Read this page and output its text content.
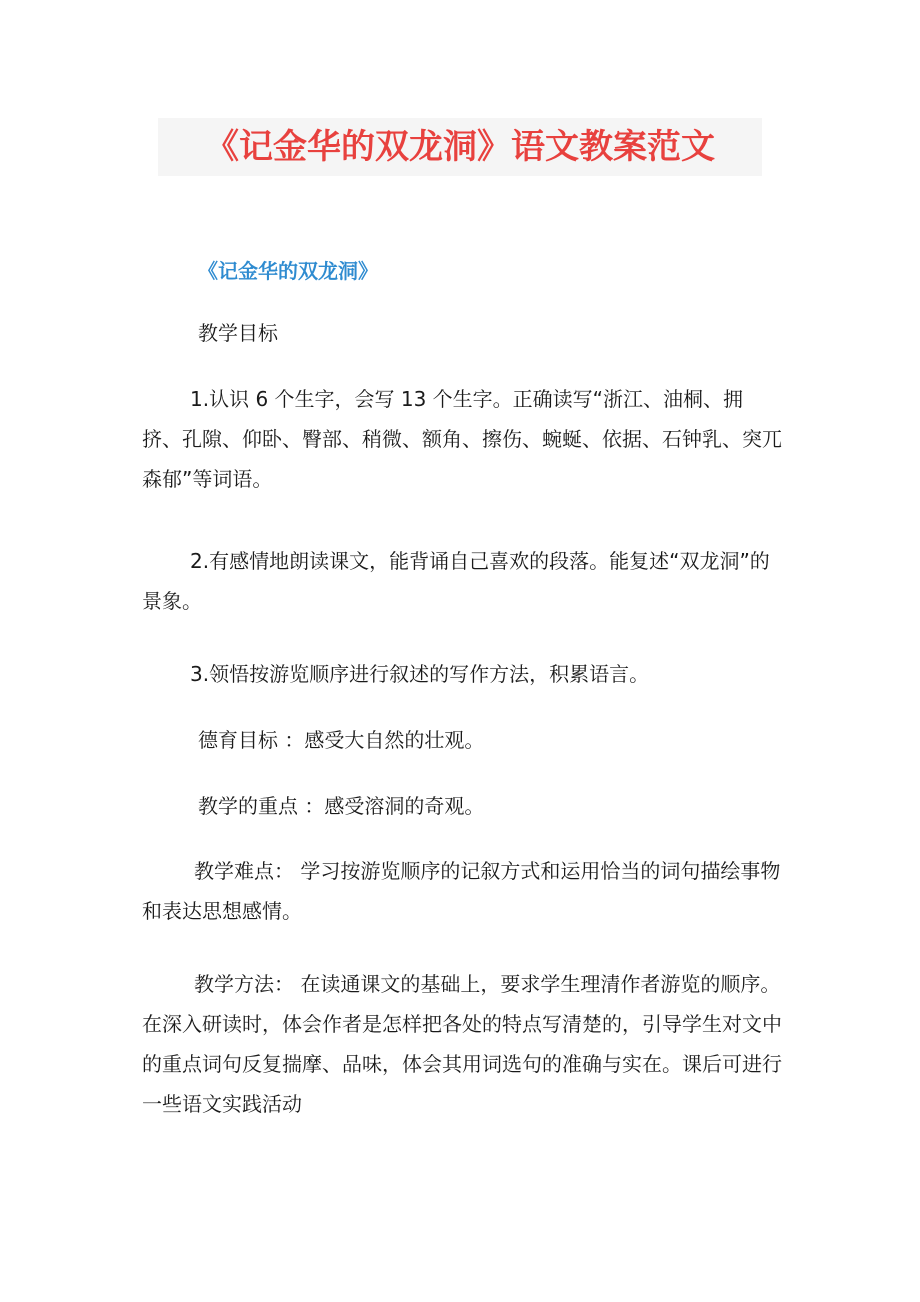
《记金华的双龙洞》语文教案范文
《记金华的双龙洞》

教学目标

1.认识 6 个生字，会写 13 个生字。正确读写“浙江、油桐、拥挤、孔隙、仰卧、臀部、稍微、额角、擦伤、蜿蜒、依据、石钟乳、突兀森郁”等词语。

2.有感情地朗读课文，能背诵自己喜欢的段落。能复述“双龙洞”的景象。

3.领悟按游览顺序进行叙述的写作方法，积累语言。

德育目标 ：感受大自然的壮观。

教学的重点 ：感受溶洞的奇观。

教学难点： 学习按游览顺序的记叙方式和运用恰当的词句描绘事物和表达思想感情。

教学方法： 在读通课文的基础上，要求学生理清作者游览的顺序。在深入研读时，体会作者是怎样把各处的特点写清楚的，引导学生对文中的重点词句反复揣摩、品味，体会其用词选句的准确与实在。课后可进行一些语文实践活动
